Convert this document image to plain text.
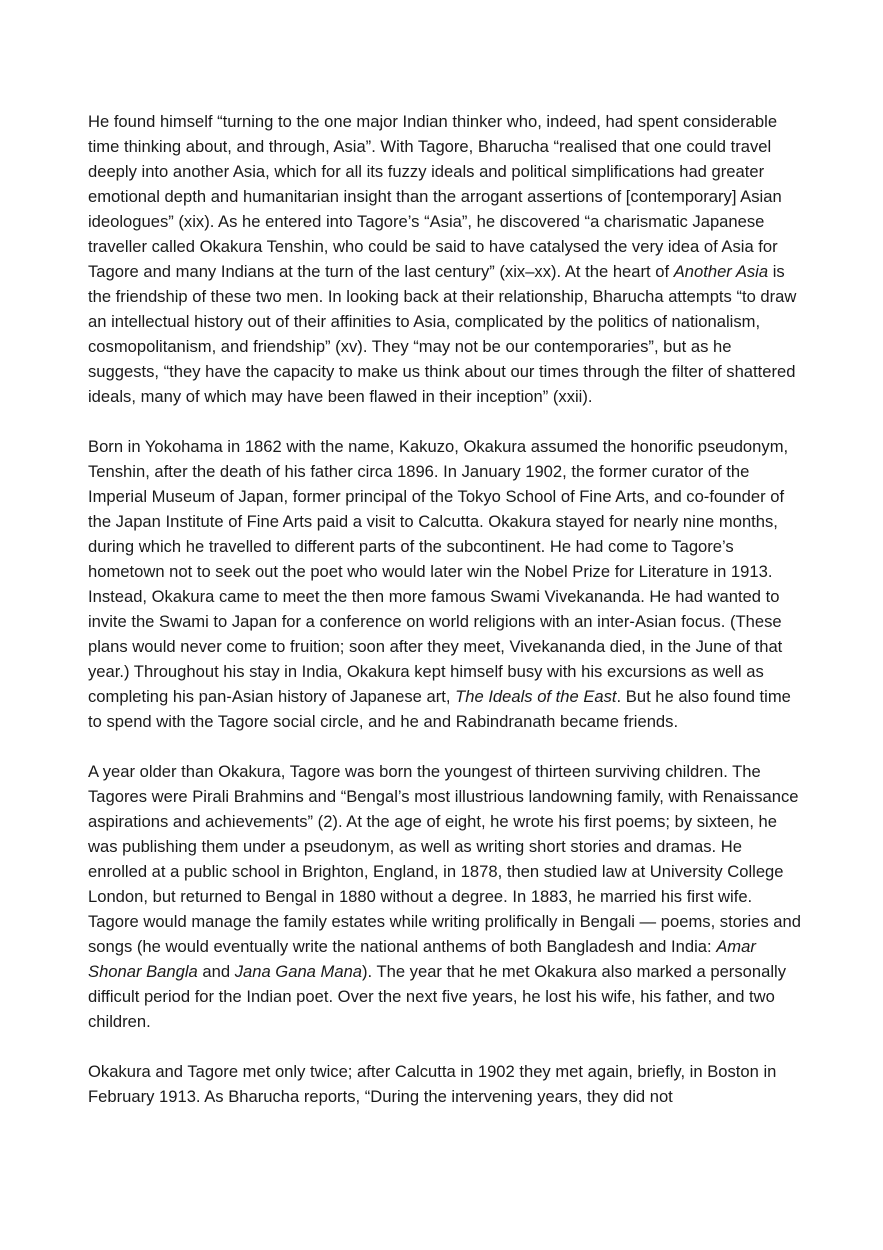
He found himself “turning to the one major Indian thinker who, indeed, had spent considerable time thinking about, and through, Asia”. With Tagore, Bharucha “realised that one could travel deeply into another Asia, which for all its fuzzy ideals and political simplifications had greater emotional depth and humanitarian insight than the arrogant assertions of [contemporary] Asian ideologues” (xix). As he entered into Tagore’s “Asia”, he discovered “a charismatic Japanese traveller called Okakura Tenshin, who could be said to have catalysed the very idea of Asia for Tagore and many Indians at the turn of the last century” (xix–xx). At the heart of Another Asia is the friendship of these two men. In looking back at their relationship, Bharucha attempts “to draw an intellectual history out of their affinities to Asia, complicated by the politics of nationalism, cosmopolitanism, and friendship” (xv). They “may not be our contemporaries”, but as he suggests, “they have the capacity to make us think about our times through the filter of shattered ideals, many of which may have been flawed in their inception” (xxii).

Born in Yokohama in 1862 with the name, Kakuzo, Okakura assumed the honorific pseudonym, Tenshin, after the death of his father circa 1896. In January 1902, the former curator of the Imperial Museum of Japan, former principal of the Tokyo School of Fine Arts, and co-founder of the Japan Institute of Fine Arts paid a visit to Calcutta. Okakura stayed for nearly nine months, during which he travelled to different parts of the subcontinent. He had come to Tagore’s hometown not to seek out the poet who would later win the Nobel Prize for Literature in 1913. Instead, Okakura came to meet the then more famous Swami Vivekananda. He had wanted to invite the Swami to Japan for a conference on world religions with an inter-Asian focus. (These plans would never come to fruition; soon after they meet, Vivekananda died, in the June of that year.) Throughout his stay in India, Okakura kept himself busy with his excursions as well as completing his pan-Asian history of Japanese art, The Ideals of the East. But he also found time to spend with the Tagore social circle, and he and Rabindranath became friends.

A year older than Okakura, Tagore was born the youngest of thirteen surviving children. The Tagores were Pirali Brahmins and “Bengal’s most illustrious landowning family, with Renaissance aspirations and achievements” (2). At the age of eight, he wrote his first poems; by sixteen, he was publishing them under a pseudonym, as well as writing short stories and dramas. He enrolled at a public school in Brighton, England, in 1878, then studied law at University College London, but returned to Bengal in 1880 without a degree. In 1883, he married his first wife. Tagore would manage the family estates while writing prolifically in Bengali — poems, stories and songs (he would eventually write the national anthems of both Bangladesh and India: Amar Shonar Bangla and Jana Gana Mana). The year that he met Okakura also marked a personally difficult period for the Indian poet. Over the next five years, he lost his wife, his father, and two children.

Okakura and Tagore met only twice; after Calcutta in 1902 they met again, briefly, in Boston in February 1913. As Bharucha reports, “During the intervening years, they did not
